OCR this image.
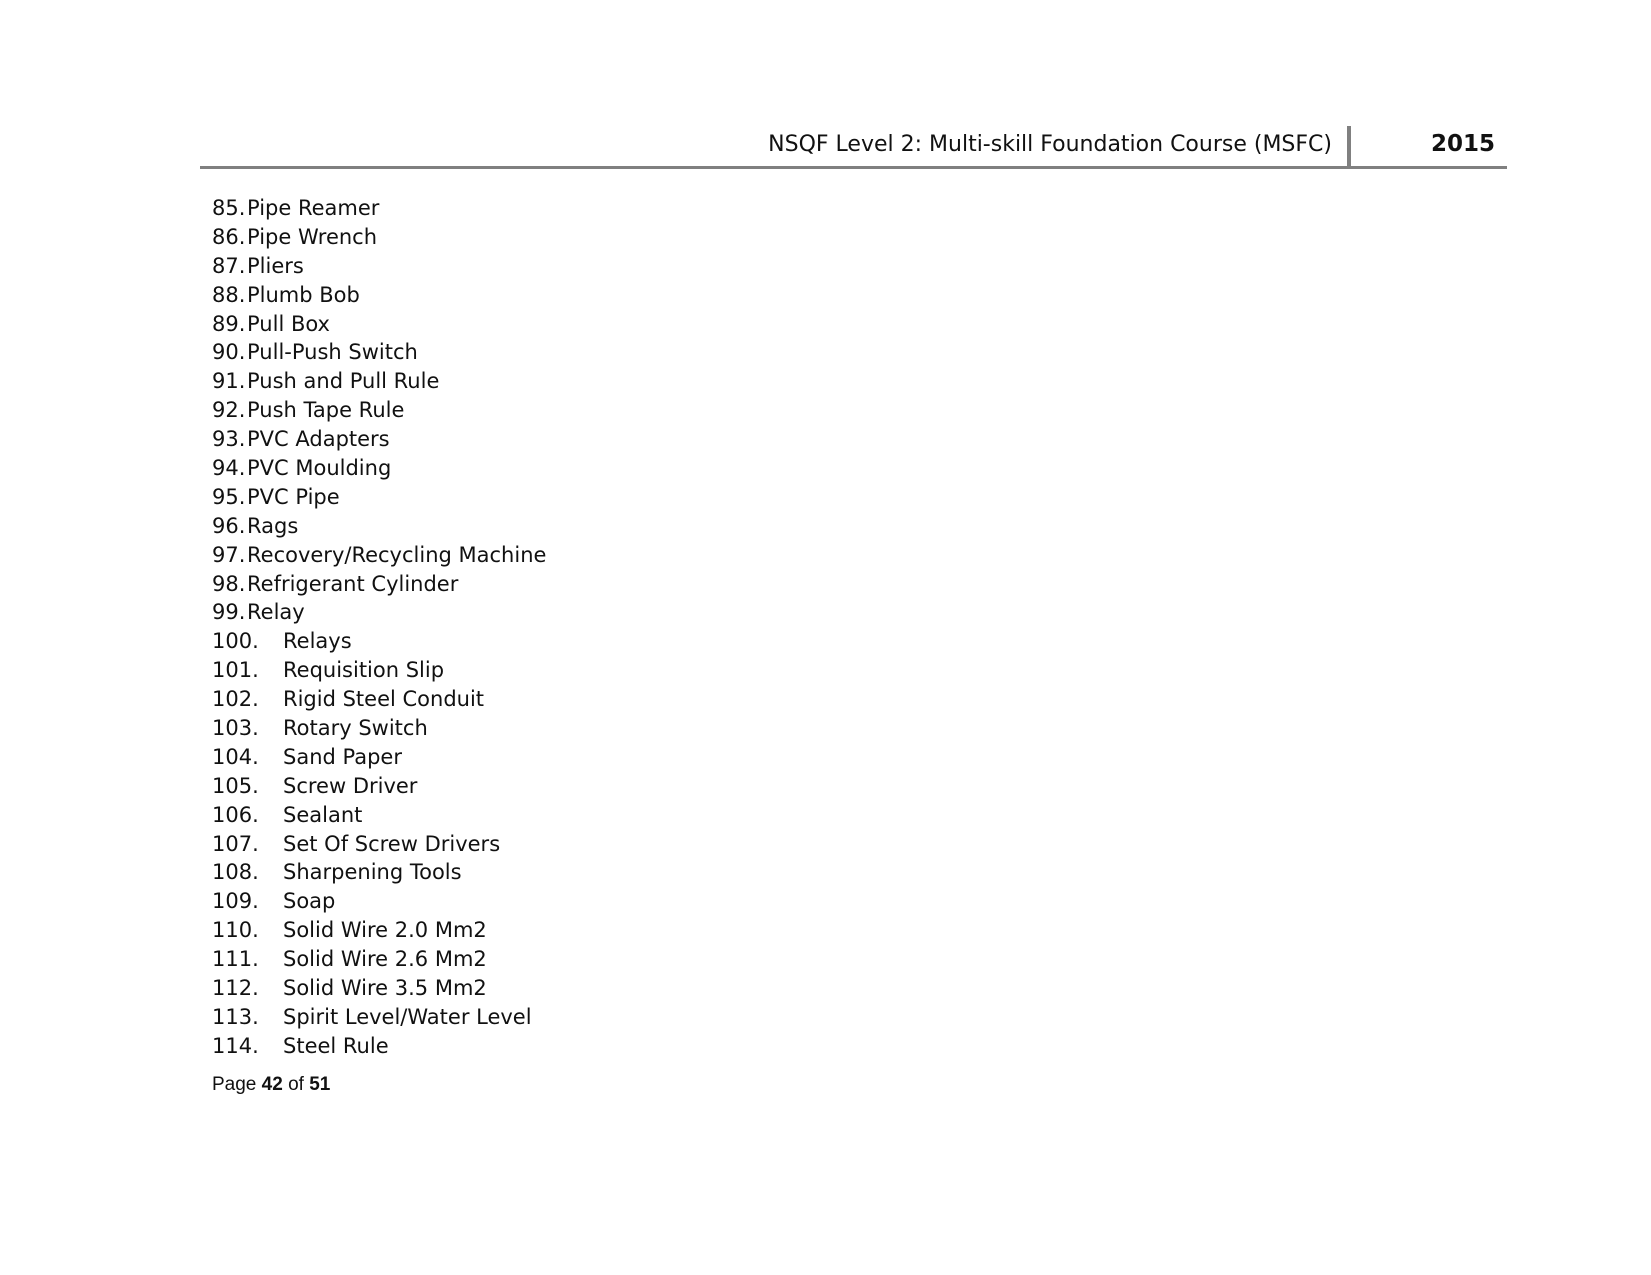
NSQF Level 2: Multi-skill Foundation Course (MSFC)	2015
85. Pipe Reamer
86. Pipe Wrench
87. Pliers
88. Plumb Bob
89. Pull Box
90. Pull-Push Switch
91. Push and Pull Rule
92. Push Tape Rule
93. PVC Adapters
94. PVC Moulding
95. PVC Pipe
96. Rags
97. Recovery/Recycling Machine
98. Refrigerant Cylinder
99. Relay
100. Relays
101. Requisition Slip
102. Rigid Steel Conduit
103. Rotary Switch
104. Sand Paper
105. Screw Driver
106. Sealant
107. Set Of Screw Drivers
108. Sharpening Tools
109. Soap
110. Solid Wire 2.0 Mm2
111. Solid Wire 2.6 Mm2
112. Solid Wire 3.5 Mm2
113. Spirit Level/Water Level
114. Steel Rule
Page 42 of 51
